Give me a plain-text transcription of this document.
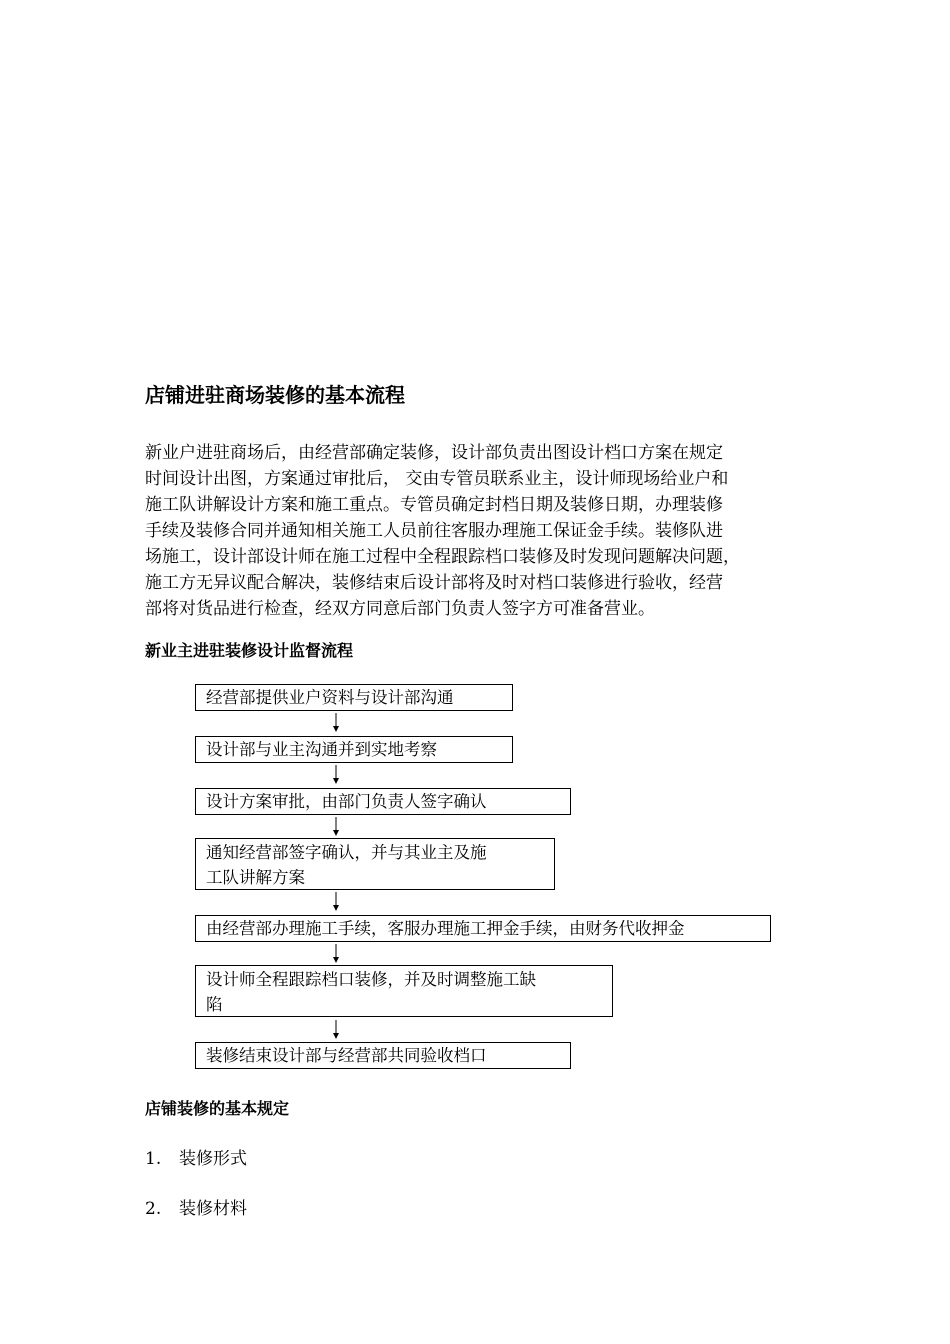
店铺进驻商场装修的基本流程
新业户进驻商场后，由经营部确定装修，设计部负责出图设计档口方案在规定
时间设计出图，方案通过审批后， 交由专管员联系业主，设计师现场给业户和
施工队讲解设计方案和施工重点。专管员确定封档日期及装修日期，办理装修
手续及装修合同并通知相关施工人员前往客服办理施工保证金手续。装修队进
场施工，设计部设计师在施工过程中全程跟踪档口装修及时发现问题解决问题，
施工方无异议配合解决，装修结束后设计部将及时对档口装修进行验收，经营
部将对货品进行检查，经双方同意后部门负责人签字方可准备营业。
新业主进驻装修设计监督流程
经营部提供业户资料与设计部沟通
设计部与业主沟通并到实地考察
设计方案审批，由部门负责人签字确认
通知经营部签字确认，并与其业主及施
工队讲解方案
由经营部办理施工手续，客服办理施工押金手续，由财务代收押金
设计师全程跟踪档口装修，并及时调整施工缺
陷
装修结束设计部与经营部共同验收档口
店铺装修的基本规定
1. 装修形式
2. 装修材料
